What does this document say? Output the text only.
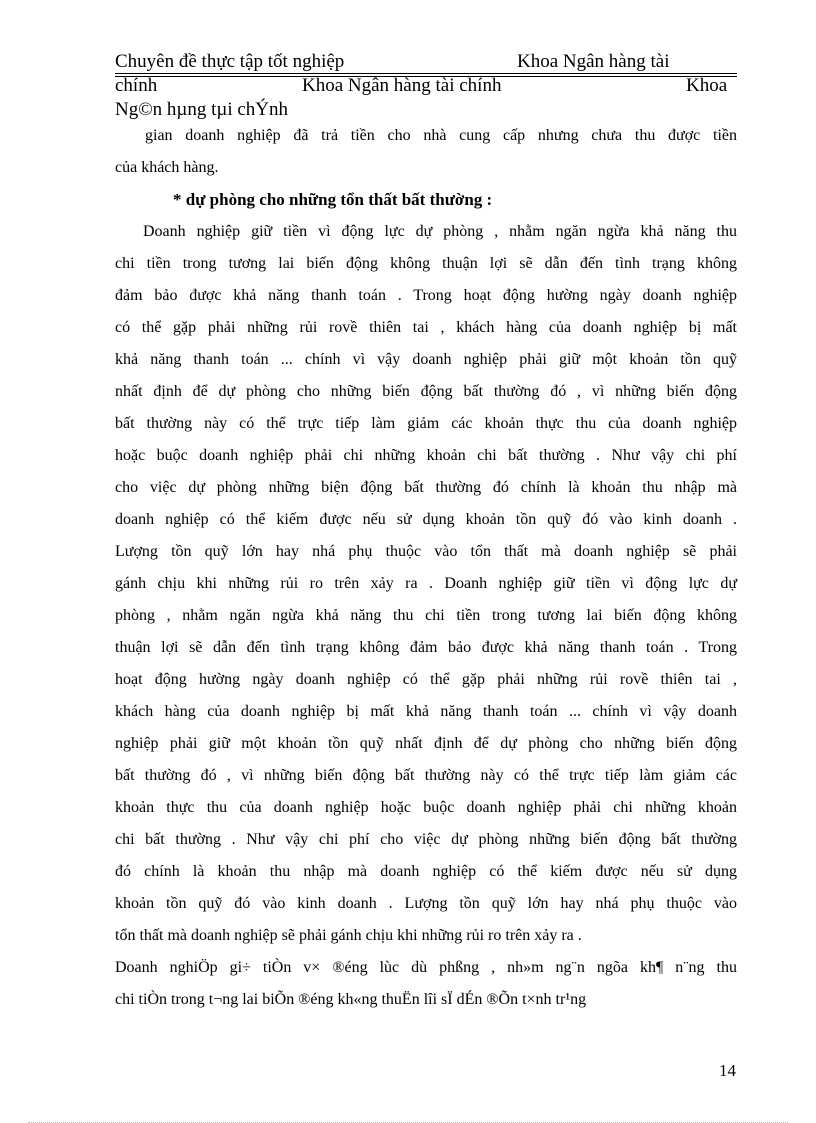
Chuyên đề thực tập tốt nghiệp	Khoa Ngân hàng tài
chính	Khoa Ngân hàng tài chính	Khoa
Ng©n hµng tµi chÝnh
gian doanh nghiệp đã trả tiền cho nhà cung cấp nhưng chưa thu được tiền
của khách hàng.
* dự phòng cho những tổn thất bất thường :
Doanh nghiệp giữ tiền vì động lực dự phòng , nhằm ngăn ngừa khả năng thu
chi tiền trong tương lai biến động không thuận lợi sẽ dẫn đến tình trạng không
đảm bảo được khả năng thanh toán . Trong hoạt động hường ngày doanh nghiệp
có thể gặp phải những rủi rovề thiên tai , khách hàng của doanh nghiệp bị mất
khả năng thanh toán ... chính vì vậy doanh nghiệp phải giữ một khoản tồn quỹ
nhất định để dự phòng cho những biến động bất thường đó , vì những biến động
bất thường này có thể trực tiếp làm giảm các khoản thực thu của doanh nghiệp
hoặc buộc doanh nghiệp phải chi những khoản chi bất thường . Như vậy chi phí
cho việc dự phòng những biện động bất thường đó chính là khoản thu nhập mà
doanh nghiệp có thể kiếm được nếu sử dụng khoản tồn quỹ đó vào kinh doanh .
Lượng tồn quỹ lớn hay nhá phụ thuộc vào tổn thất mà doanh nghiệp sẽ phải
gánh chịu khi những rủi ro trên xảy ra . Doanh nghiệp giữ tiền vì động lực dự
phòng , nhằm ngăn ngừa khả năng thu chi tiền trong tương lai biến động không
thuận lợi sẽ dẫn đến tình trạng không đảm bảo được khả năng thanh toán . Trong
hoạt động hường ngày doanh nghiệp có thể gặp phải những rủi rovề thiên tai ,
khách hàng của doanh nghiệp bị mất khả năng thanh toán ... chính vì vậy doanh
nghiệp phải giữ một khoản tồn quỹ nhất định để dự phòng cho những biến động
bất thường đó , vì những biến động bất thường này có thể trực tiếp làm giảm các
khoản thực thu của doanh nghiệp hoặc buộc doanh nghiệp phải chi những khoản
chi bất thường . Như vậy chi phí cho việc dự phòng những biến động bất thường
đó chính là khoản thu nhập mà doanh nghiệp có thể kiếm được nếu sử dụng
khoản tồn quỹ đó vào kinh doanh . Lượng tồn quỹ lớn hay nhá phụ thuộc vào
tổn thất mà doanh nghiệp sẽ phải gánh chịu khi những rủi ro trên xảy ra .
Doanh nghiÖp gi÷ tiÒn v× ®éng lùc dù phßng , nh»m ng¨n ngõa kh¶ n¨ng thu
chi tiÒn trong t¬ng lai biÕn ®éng kh«ng thuËn lîi sÏ dÉn ®Õn t×nh tr¹ng
14
